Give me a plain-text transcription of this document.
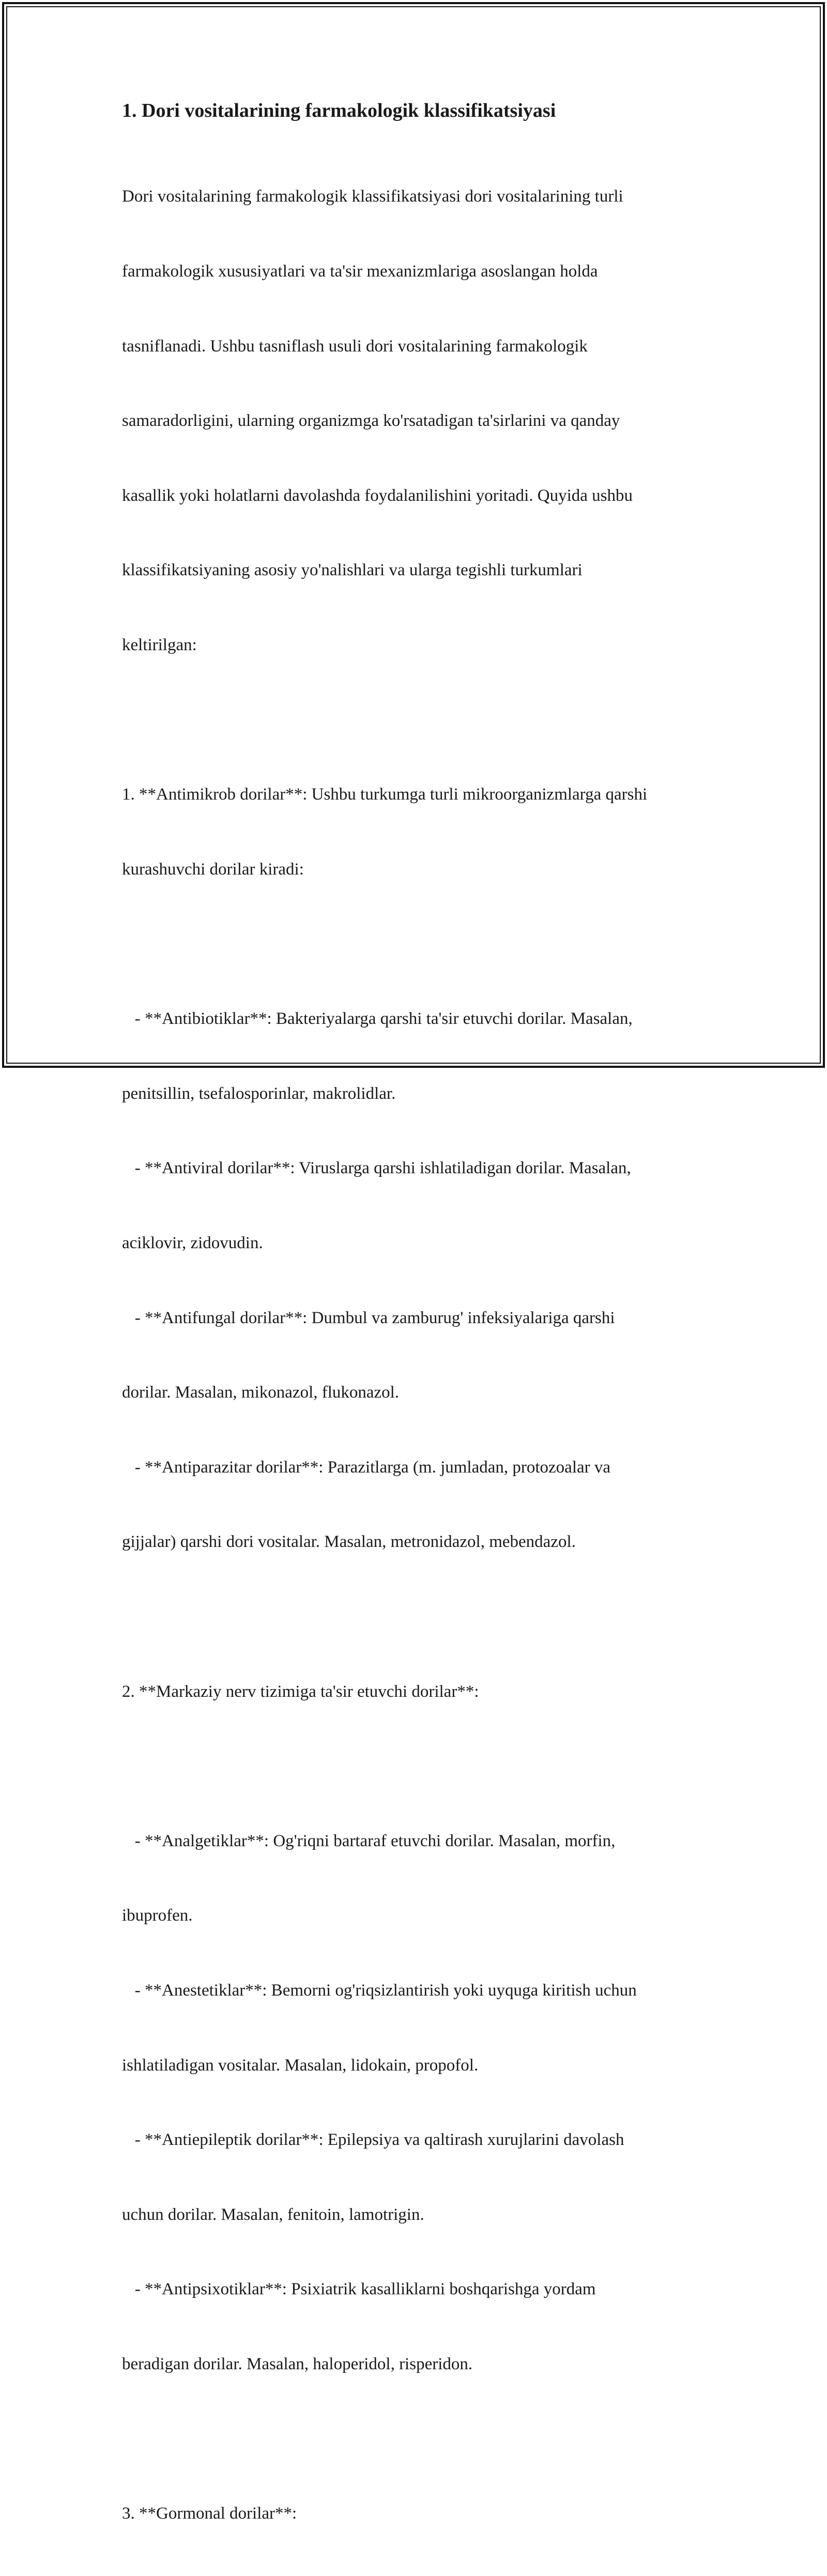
1. Dori vositalarining farmakologik klassifikatsiyasi

Dori vositalarining farmakologik klassifikatsiyasi dori vositalarining turli

farmakologik xususiyatlari va ta'sir mexanizmlariga asoslangan holda

tasniflanadi. Ushbu tasniflash usuli dori vositalarining farmakologik

samaradorligini, ularning organizmga ko'rsatadigan ta'sirlarini va qanday

kasallik yoki holatlarni davolashda foydalanilishini yoritadi. Quyida ushbu

klassifikatsiyaning asosiy yo'nalishlari va ularga tegishli turkumlari

keltirilgan:

1. **Antimikrob dorilar**: Ushbu turkumga turli mikroorganizmlarga qarshi

kurashuvchi dorilar kiradi:

- **Antibiotiklar**: Bakteriyalarga qarshi ta'sir etuvchi dorilar. Masalan,

penitsillin, tsefalosporinlar, makrolidlar.

- **Antiviral dorilar**: Viruslarga qarshi ishlatiladigan dorilar. Masalan,

aciklovir, zidovudin.

- **Antifungal dorilar**: Dumbul va zamburug' infeksiyalariga qarshi

dorilar. Masalan, mikonazol, flukonazol.

- **Antiparazitar dorilar**: Parazitlarga (m. jumladan, protozoalar va

gijjalar) qarshi dori vositalar. Masalan, metronidazol, mebendazol.

2. **Markaziy nerv tizimiga ta'sir etuvchi dorilar**:

- **Analgetiklar**: Og'riqni bartaraf etuvchi dorilar. Masalan, morfin,

ibuprofen.

- **Anestetiklar**: Bemorni og'riqsizlantirish yoki uyquga kiritish uchun

ishlatiladigan vositalar. Masalan, lidokain, propofol.

- **Antiepileptik dorilar**: Epilepsiya va qaltirash xurujlarini davolash

uchun dorilar. Masalan, fenitoin, lamotrigin.

- **Antipsixotiklar**: Psixiatrik kasalliklarni boshqarishga yordam

beradigan dorilar. Masalan, haloperidol, risperidon.

3. **Gormonal dorilar**:
